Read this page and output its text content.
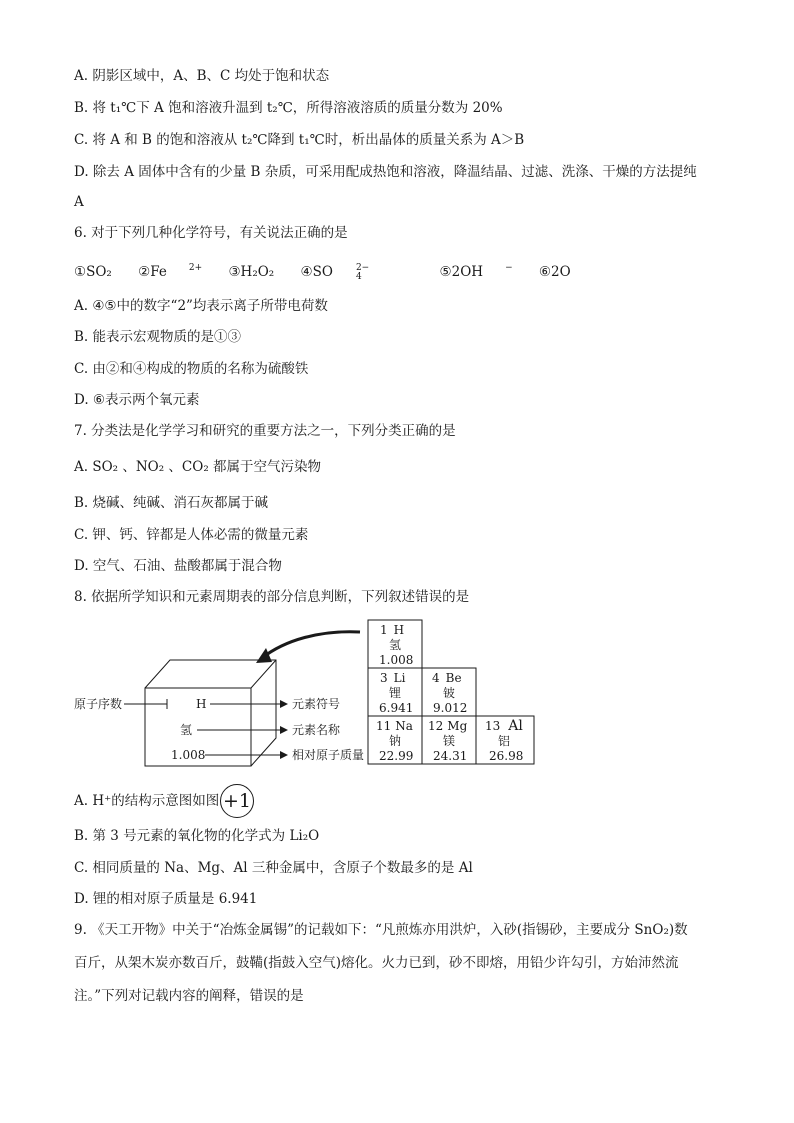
A. 阴影区域中，A、B、C 均处于饱和状态
B. 将 t₁℃下 A 饱和溶液升温到 t₂℃，所得溶液溶质的质量分数为 20%
C. 将 A 和 B 的饱和溶液从 t₂℃降到 t₁℃时，析出晶体的质量关系为 A＞B
D. 除去 A 固体中含有的少量 B 杂质，可采用配成热饱和溶液，降温结晶、过滤、洗涤、干燥的方法提纯
A
6. 对于下列几种化学符号，有关说法正确的是
①SO₂ ②Fe $^{2+}$ ③H₂O₂ ④SO	2−
4	⑤2OH − ⑥2O
A. ④⑤中的数字“2”均表示离子所带电荷数
B. 能表示宏观物质的是①③
C. 由②和④构成的物质的名称为硫酸铁
D. ⑥表示两个氧元素
7. 分类法是化学学习和研究的重要方法之一，下列分类正确的是
A. SO₂ 、NO₂ 、CO₂ 都属于空气污染物
B. 烧碱、纯碱、消石灰都属于碱
C. 钾、钙、锌都是人体必需的微量元素
D. 空气、石油、盐酸都属于混合物
8. 依据所学知识和元素周期表的部分信息判断，下列叙述错误的是
原子序数	H	元素符号
氢	元素名称
1.008	相对原子质量
1 H
氢
1.008
3 Li
锂
6.941
4 Be
铍
9.012
11 Na
钠
22.99
12 Mg
镁
24.31
13 Al
铝
26.98
A. H⁺的结构示意图如图 +1
B. 第 3 号元素的氧化物的化学式为 Li₂O
C. 相同质量的 Na、Mg、Al 三种金属中，含原子个数最多的是 Al
D. 锂的相对原子质量是 6.941
9. 《天工开物》中关于“冶炼金属锡”的记载如下：“凡煎炼亦用洪炉，入砂(指锡砂，主要成分 SnO₂)数
百斤，从架木炭亦数百斤，鼓鞴(指鼓入空气)熔化。火力已到，砂不即熔，用铅少许勾引，方始沛然流
注。”下列对记载内容的阐释，错误的是
